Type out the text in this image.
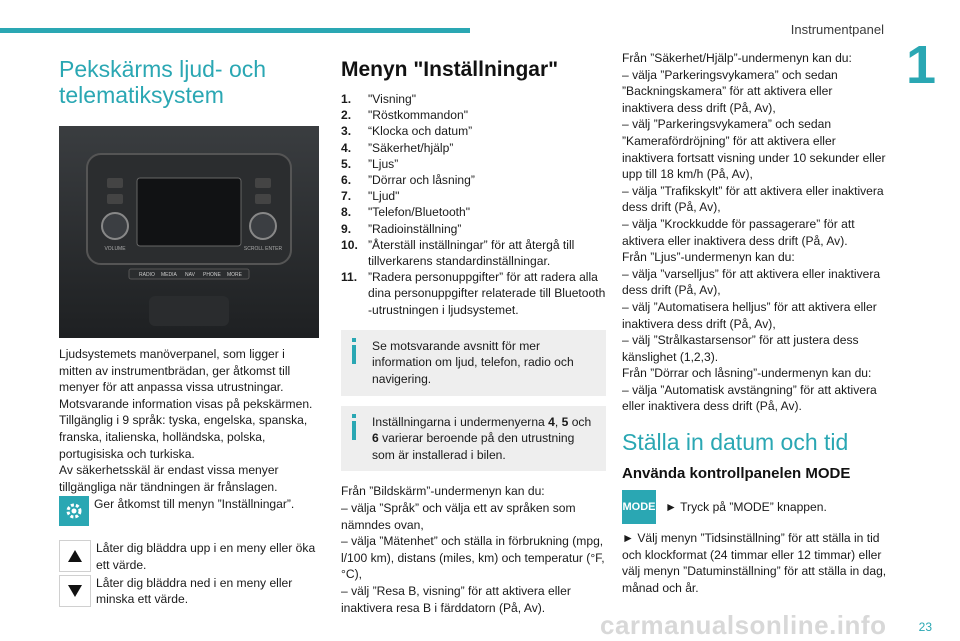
Instrumentpanel
1
Pekskärms ljud- och telematiksystem
VOLUME	SCROLL ENTER
RADIO MEDIA NAV PHONE MORE

Ljudsystemets manöverpanel, som ligger i mitten av instrumentbrädan, ger åtkomst till menyer för att anpassa vissa utrustningar.

Motsvarande information visas på pekskärmen.

Tillgänglig i 9 språk: tyska, engelska, spanska, franska, italienska, holländska, polska, portugisiska och turkiska.

Av säkerhetsskäl är endast vissa menyer tillgängliga när tändningen är frånslagen.

Ger åtkomst till menyn ”Inställningar”.

Låter dig bläddra upp i en meny eller öka ett värde.

Låter dig bläddra ned i en meny eller minska ett värde.

Menyn "Inställningar"
1.	"Visning"
2.	"Röstkommandon"
3.	“Klocka och datum”
4.	”Säkerhet/hjälp”
5.	”Ljus”
6.	”Dörrar och låsning”
7.	"Ljud"
8.	"Telefon/Bluetooth"
9.	”Radioinställning”
10. ”Återställ inställningar” för att återgå till tillverkarens standardinställningar.
11. ”Radera personuppgifter” för att radera alla dina personuppgifter relaterade till Bluetooth -utrustningen i ljudsystemet.

Se motsvarande avsnitt för mer information om ljud, telefon, radio och navigering.

Inställningarna i undermenyerna 4, 5 och 6 varierar beroende på den utrustning som är installerad i bilen.

Från ”Bildskärm”-undermenyn kan du:

– välja ”Språk” och välja ett av språken som nämndes ovan,

– välja ”Mätenhet” och ställa in förbrukning (mpg, l/100 km), distans (miles, km) och temperatur (°F, °C),

– välj ”Resa B, visning” för att aktivera eller inaktivera resa B i färddatorn (På, Av).

Från ”Säkerhet/Hjälp”-undermenyn kan du:

– välja ”Parkeringsvykamera” och sedan ”Backningskamera” för att aktivera eller inaktivera dess drift (På, Av),

– välj ”Parkeringsvykamera” och sedan ”Kamerafördröjning” för att aktivera eller inaktivera fortsatt visning under 10 sekunder eller upp till 18 km/h (På, Av),

– välja ”Trafikskylt” för att aktivera eller inaktivera dess drift (På, Av),

– välja ”Krockkudde för passagerare” för att aktivera eller inaktivera dess drift (På, Av).

Från ”Ljus”-undermenyn kan du:

– välja ”varselljus” för att aktivera eller inaktivera dess drift (På, Av),

– välj ”Automatisera helljus” för att aktivera eller inaktivera dess drift (På, Av),

– välj ”Strålkastarsensor” för att justera dess känslighet (1,2,3).

Från ”Dörrar och låsning”-undermenyn kan du:

– välja ”Automatisk avstängning” för att aktivera eller inaktivera dess drift (På, Av).

Ställa in datum och tid
Använda kontrollpanelen MODE
MODE ► Tryck på ”MODE” knappen.

► Välj menyn ”Tidsinställning” för att ställa in tid och klockformat (24 timmar eller 12 timmar) eller välj menyn ”Datuminställning” för att ställa in dag, månad och år.

carmanualsonline.info	23
